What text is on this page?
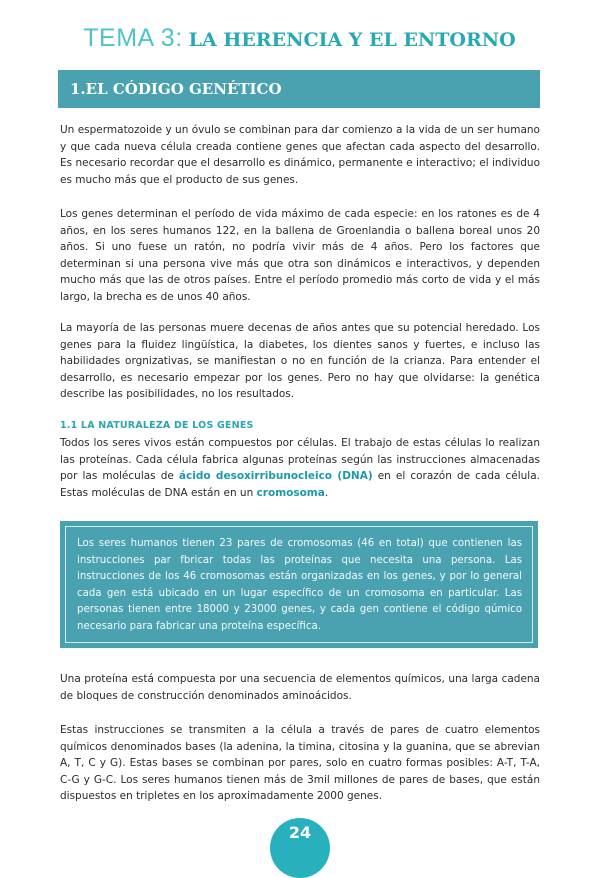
TEMA 3: LA HERENCIA Y EL ENTORNO
1.EL CÓDIGO GENÉTICO

Un espermatozoide y un óvulo se combinan para dar comienzo a la vida de un ser humano y que cada nueva célula creada contiene genes que afectan cada aspecto del desarrollo. Es necesario recordar que el desarrollo es dinámico, permanente e interactivo; el individuo es mucho más que el producto de sus genes.

Los genes determinan el período de vida máximo de cada especie: en los ratones es de 4 años, en los seres humanos 122, en la ballena de Groenlandia o ballena boreal unos 20 años. Si uno fuese un ratón, no podría vivir más de 4 años. Pero los factores que determinan si una persona vive más que otra son dinámicos e interactivos, y dependen mucho más que las de otros países. Entre el período promedio más corto de vida y el más largo, la brecha es de unos 40 años.

La mayoría de las personas muere decenas de años antes que su potencial heredado. Los genes para la fluidez lingüística, la diabetes, los dientes sanos y fuertes, e incluso las habilidades orgnizativas, se manifiestan o no en función de la crianza. Para entender el desarrollo, es necesario empezar por los genes. Pero no hay que olvidarse: la genética describe las posibilidades, no los resultados.

1.1 LA NATURALEZA DE LOS GENES

Todos los seres vivos están compuestos por células. El trabajo de estas células lo realizan las proteínas. Cada célula fabrica algunas proteínas según las instrucciones almacenadas por las moléculas de ácido desoxirribunocleico (DNA) en el corazón de cada célula. Estas moléculas de DNA están en un cromosoma.

Los seres humanos tienen 23 pares de cromosomas (46 en total) que contienen las instrucciones par fbricar todas las proteínas que necesita una persona. Las instrucciones de los 46 cromosomas están organizadas en los genes, y por lo general cada gen está ubicado en un lugar específico de un cromosoma en particular. Las personas tienen entre 18000 y 23000 genes, y cada gen contiene el código qúmico necesario para fabricar una proteína específica.

Una proteína está compuesta por una secuencia de elementos químicos, una larga cadena de bloques de construcción denominados aminoácidos.

Estas instrucciones se transmiten a la célula a través de pares de cuatro elementos químicos denominados bases (la adenina, la timina, citosina y la guanina, que se abrevian A, T, C y G). Estas bases se combinan por pares, solo en cuatro formas posibles: A-T, T-A, C-G y G-C. Los seres humanos tienen más de 3mil millones de pares de bases, que están dispuestos en tripletes en los aproximadamente 2000 genes.

24
